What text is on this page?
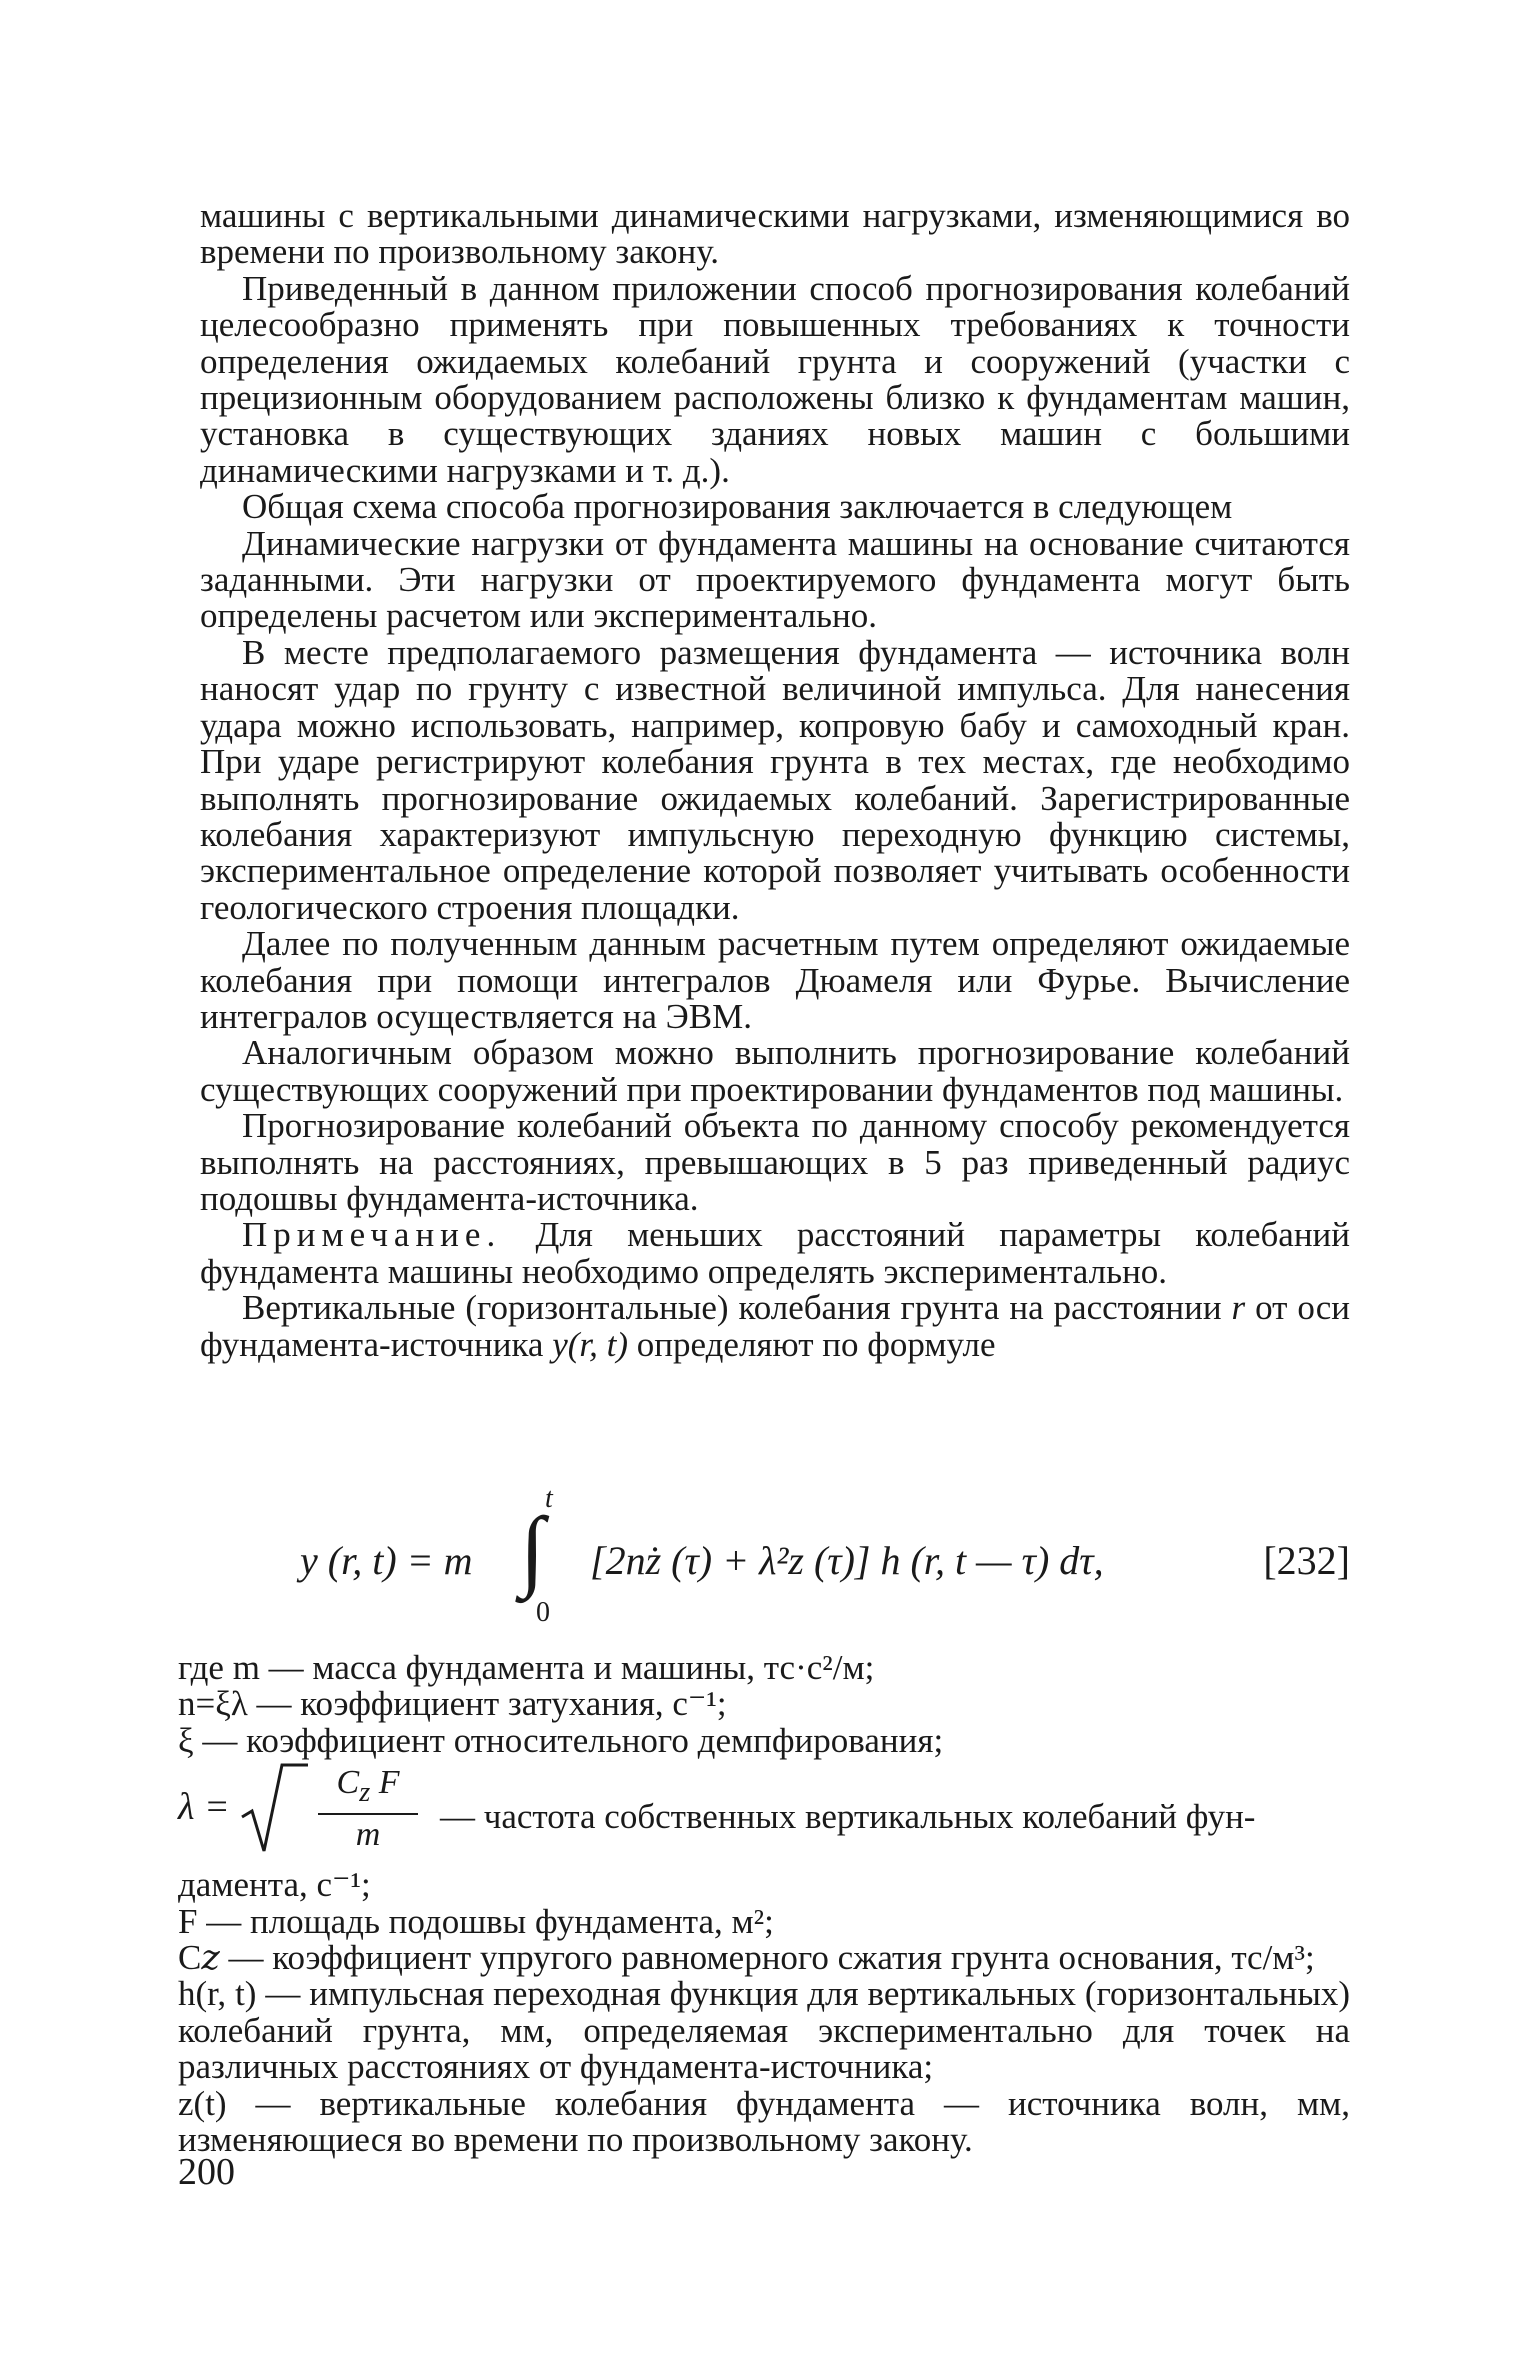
машины с вертикальными динамическими нагрузками, изменяющимися во времени по произвольному закону.

Приведенный в данном приложении способ прогнозирования колебаний целесообразно применять при повышенных требованиях к точности определения ожидаемых колебаний грунта и сооружений (участки с прецизионным оборудованием расположены близко к фундаментам машин, установка в существующих зданиях новых машин с большими динамическими нагрузками и т. д.).

Общая схема способа прогнозирования заключается в следующем

Динамические нагрузки от фундамента машины на основание считаются заданными. Эти нагрузки от проектируемого фундамента могут быть определены расчетом или экспериментально.

В месте предполагаемого размещения фундамента — источника волн наносят удар по грунту с известной величиной импульса. Для нанесения удара можно использовать, например, копровую бабу и самоходный кран. При ударе регистрируют колебания грунта в тех местах, где необходимо выполнять прогнозирование ожидаемых колебаний. Зарегистрированные колебания характеризуют импульсную переходную функцию системы, экспериментальное определение которой позволяет учитывать особенности геологического строения площадки.

Далее по полученным данным расчетным путем определяют ожидаемые колебания при помощи интегралов Дюамеля или Фурье. Вычисление интегралов осуществляется на ЭВМ.

Аналогичным образом можно выполнить прогнозирование колебаний существующих сооружений при проектировании фундаментов под машины.

Прогнозирование колебаний объекта по данному способу рекомендуется выполнять на расстояниях, превышающих в 5 раз приведенный радиус подошвы фундамента-источника.

Примечание. Для меньших расстояний параметры колебаний фундамента машины необходимо определять экспериментально.

Вертикальные (горизонтальные) колебания грунта на расстоянии r от оси фундамента-источника y(r, t) определяют по формуле

y (r, t) = m
t
∫
0
[2nż (τ) + λ²z (τ)] h (r, t — τ) dτ,	[232]

где m — масса фундамента и машины, тс·с²/м;

n=ξλ — коэффициент затухания, с⁻¹;

ξ — коэффициент относительного демпфирования;

λ =
$C_z$ F
m	— частота собственных вертикальных колебаний фун-

дамента, с⁻¹;

F — площадь подошвы фундамента, м²;

C𝑧 — коэффициент упругого равномерного сжатия грунта основания, тс/м³;

h(r, t) — импульсная переходная функция для вертикальных (горизонтальных) колебаний грунта, мм, определяемая экспериментально для точек на различных расстояниях от фундамента-источника;

z(t) — вертикальные колебания фундамента — источника волн, мм, изменяющиеся во времени по произвольному закону.

200
